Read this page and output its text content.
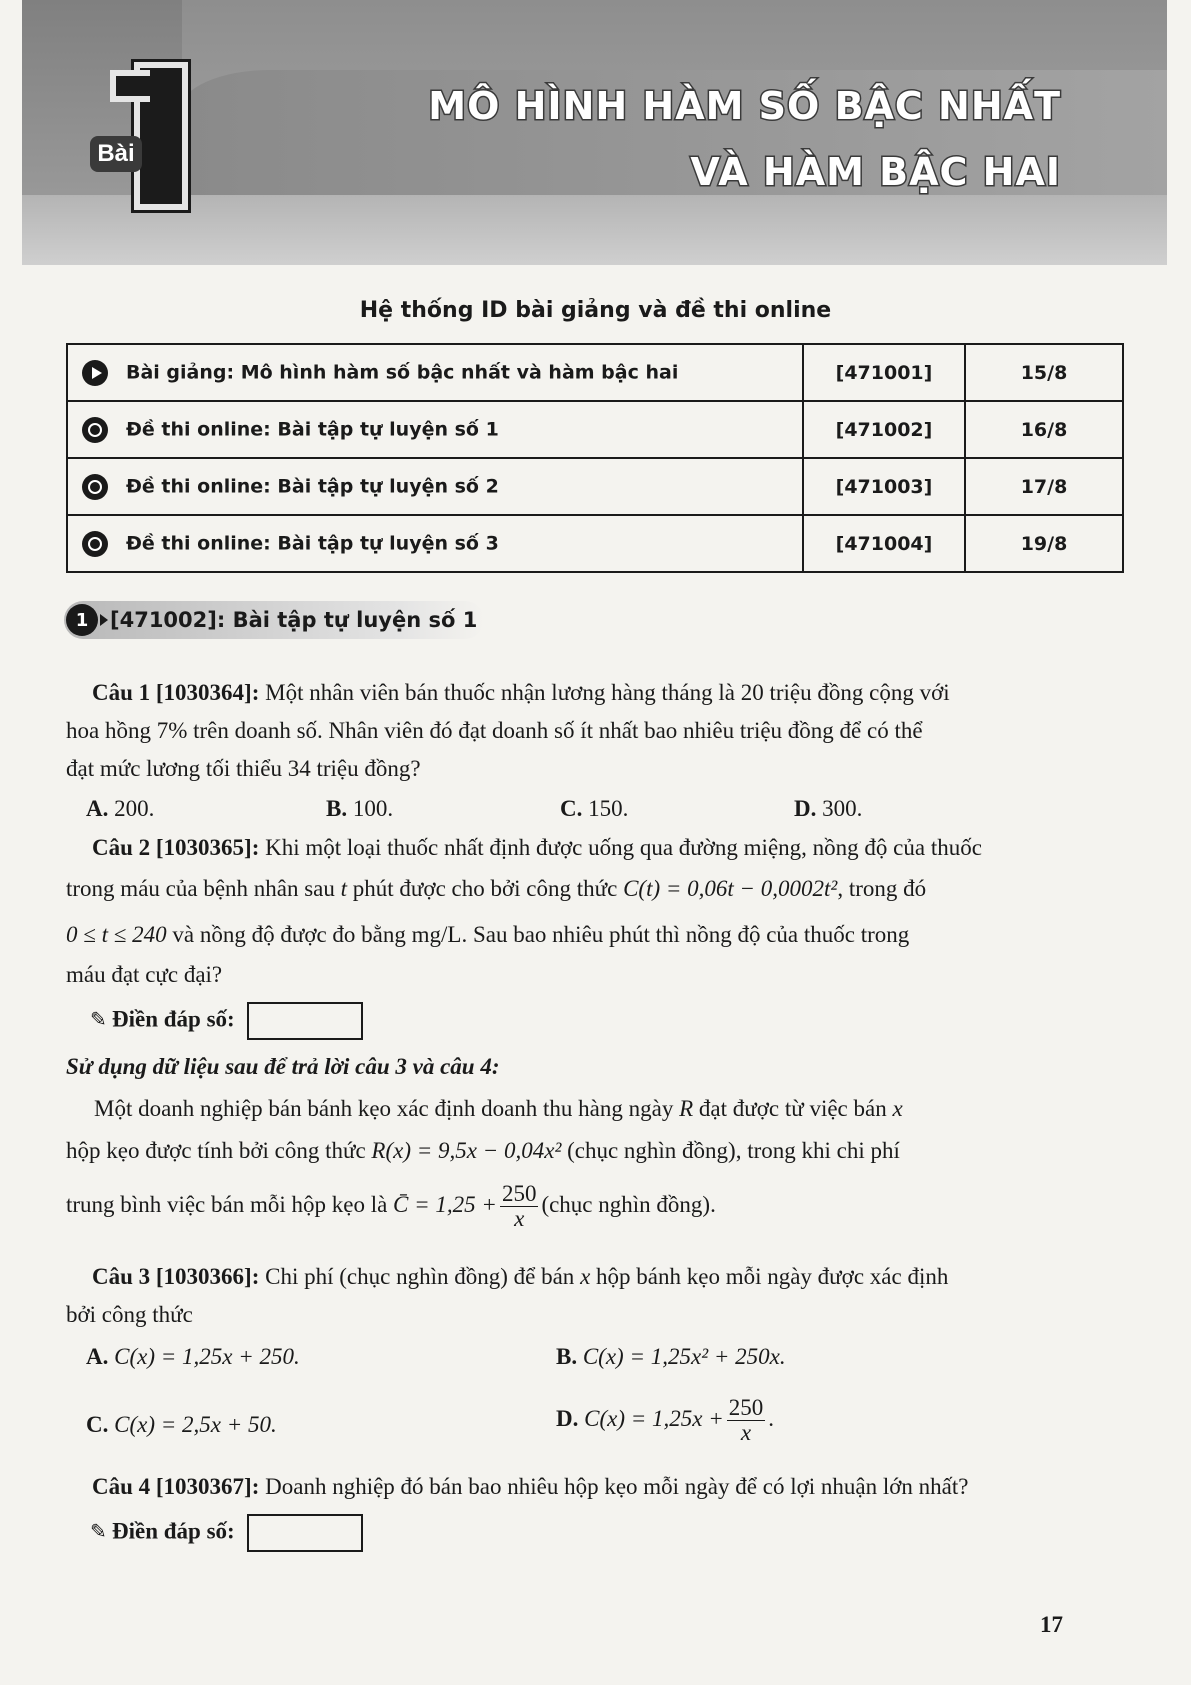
Bài
MÔ HÌNH HÀM SỐ BẬC NHẤT
VÀ HÀM BẬC HAI
Hệ thống ID bài giảng và đề thi online
Bài giảng: Mô hình hàm số bậc nhất và hàm bậc hai	[471001]	15/8
Đề thi online: Bài tập tự luyện số 1	[471002]	16/8
Đề thi online: Bài tập tự luyện số 2	[471003]	17/8
Đề thi online: Bài tập tự luyện số 3	[471004]	19/8
1	[471002]: Bài tập tự luyện số 1
Câu 1 [1030364]: Một nhân viên bán thuốc nhận lương hàng tháng là 20 triệu đồng cộng với
hoa hồng 7% trên doanh số. Nhân viên đó đạt doanh số ít nhất bao nhiêu triệu đồng để có thể
đạt mức lương tối thiểu 34 triệu đồng?
A. 200.	B. 100.	C. 150.	D. 300.
Câu 2 [1030365]: Khi một loại thuốc nhất định được uống qua đường miệng, nồng độ của thuốc
trong máu của bệnh nhân sau t phút được cho bởi công thức C(t) = 0,06t − 0,0002t², trong đó
0 ≤ t ≤ 240 và nồng độ được đo bằng mg/L. Sau bao nhiêu phút thì nồng độ của thuốc trong
máu đạt cực đại?
✎ Điền đáp số:
Sử dụng dữ liệu sau để trả lời câu 3 và câu 4:
Một doanh nghiệp bán bánh kẹo xác định doanh thu hàng ngày R đạt được từ việc bán x
hộp kẹo được tính bởi công thức R(x) = 9,5x − 0,04x² (chục nghìn đồng), trong khi chi phí
trung bình việc bán mỗi hộp kẹo là C̄ = $1,25 + \frac{250}{x}$ (chục nghìn đồng).
Câu 3 [1030366]: Chi phí (chục nghìn đồng) để bán x hộp bánh kẹo mỗi ngày được xác định
bởi công thức
A. C(x) = 1,25x + 250.	B. C(x) = 1,25x² + 250x.
C. C(x) = 2,5x + 50.	D. $C(x) = 1,25x + \frac{250}{x}$ .
Câu 4 [1030367]: Doanh nghiệp đó bán bao nhiêu hộp kẹo mỗi ngày để có lợi nhuận lớn nhất?
✎ Điền đáp số:
17
